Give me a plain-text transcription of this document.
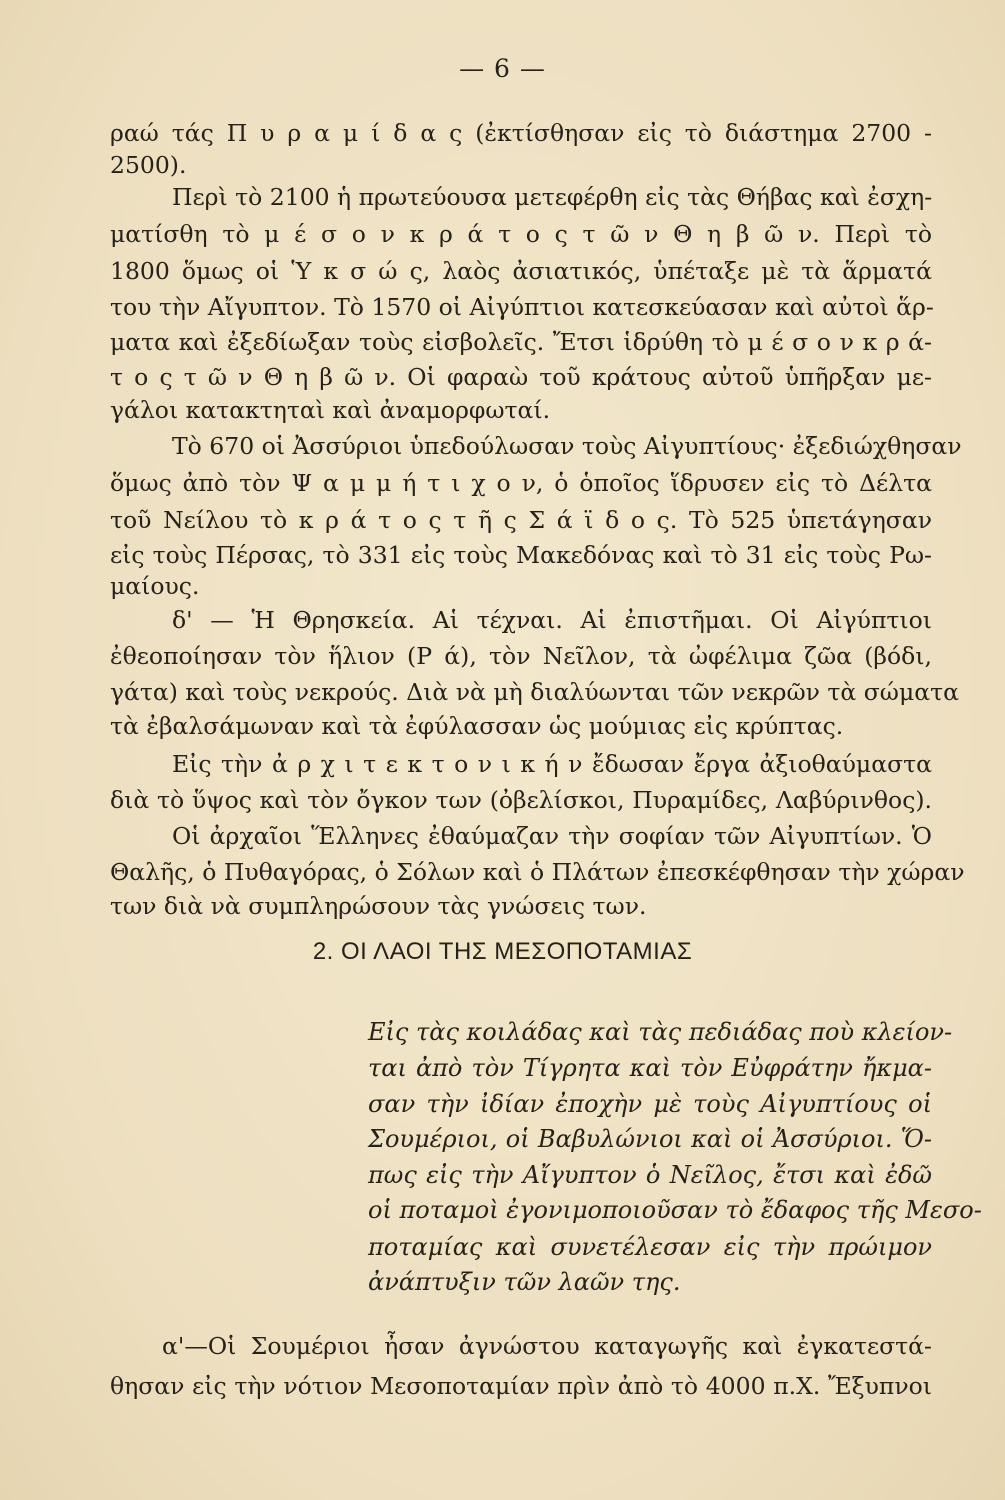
— 6 —
ραώ τάς Π υ ρ α μ ί δ α ς (ἐκτίσθησαν εἰς τὸ διάστημα 2700 -
2500).
Περὶ τὸ 2100 ἡ πρωτεύουσα μετεφέρθη εἰς τὰς Θήβας καὶ ἐσχη-
ματίσθη τὸ μ έ σ ο ν κ ρ ά τ ο ς τ ῶ ν Θ η β ῶ ν. Περὶ τὸ
1800 ὅμως οἱ Ὑ κ σ ώ ς, λαὸς ἀσιατικός, ὑπέταξε μὲ τὰ ἅρματά
του τὴν Αἴγυπτον. Τὸ 1570 οἱ Αἰγύπτιοι κατεσκεύασαν καὶ αὐτοὶ ἅρ-
ματα καὶ ἐξεδίωξαν τοὺς εἰσβολεῖς. Ἔτσι ἱδρύθη τὸ μ έ σ ο ν κ ρ ά-
τ ο ς τ ῶ ν Θ η β ῶ ν. Οἱ φαραὼ τοῦ κράτους αὐτοῦ ὑπῆρξαν με-
γάλοι κατακτηταὶ καὶ ἀναμορφωταί.
Τὸ 670 οἱ Ἀσσύριοι ὑπεδούλωσαν τοὺς Αἰγυπτίους· ἐξεδιώχθησαν
ὅμως ἀπὸ τὸν Ψ α μ μ ή τ ι χ ο ν, ὁ ὁποῖος ἵδρυσεν εἰς τὸ Δέλτα
τοῦ Νείλου τὸ κ ρ ά τ ο ς τ ῆ ς Σ ά ϊ δ ο ς. Τὸ 525 ὑπετάγησαν
εἰς τοὺς Πέρσας, τὸ 331 εἰς τοὺς Μακεδόνας καὶ τὸ 31 εἰς τοὺς Ρω-
μαίους.
δ' — Ἡ Θρησκεία. Αἱ τέχναι. Αἱ ἐπιστῆμαι. Οἱ Αἰγύπτιοι
ἐθεοποίησαν τὸν ἥλιον (Ρ ά), τὸν Νεῖλον, τὰ ὠφέλιμα ζῶα (βόδι,
γάτα) καὶ τοὺς νεκρούς. Διὰ νὰ μὴ διαλύωνται τῶν νεκρῶν τὰ σώματα
τὰ ἐβαλσάμωναν καὶ τὰ ἐφύλασσαν ὡς μούμιας εἰς κρύπτας.
Εἰς τὴν ἀ ρ χ ι τ ε κ τ ο ν ι κ ή ν ἔδωσαν ἔργα ἀξιοθαύμαστα
διὰ τὸ ὕψος καὶ τὸν ὄγκον των (ὀβελίσκοι, Πυραμίδες, Λαβύρινθος).
Οἱ ἀρχαῖοι Ἕλληνες ἐθαύμαζαν τὴν σοφίαν τῶν Αἰγυπτίων. Ὁ
Θαλῆς, ὁ Πυθαγόρας, ὁ Σόλων καὶ ὁ Πλάτων ἐπεσκέφθησαν τὴν χώραν
των διὰ νὰ συμπληρώσουν τὰς γνώσεις των.
2. ΟΙ ΛΑΟΙ ΤΗΣ ΜΕΣΟΠΟΤΑΜΙΑΣ
Εἰς τὰς κοιλάδας καὶ τὰς πεδιάδας ποὺ κλείον-
ται ἀπὸ τὸν Τίγρητα καὶ τὸν Εὐφράτην ἤκμα-
σαν τὴν ἰδίαν ἐποχὴν μὲ τοὺς Αἰγυπτίους οἱ
Σουμέριοι, οἱ Βαβυλώνιοι καὶ οἱ Ἀσσύριοι. Ὅ-
πως εἰς τὴν Αἴγυπτον ὁ Νεῖλος, ἔτσι καὶ ἐδῶ
οἱ ποταμοὶ ἐγονιμοποιοῦσαν τὸ ἔδαφος τῆς Μεσο-
ποταμίας καὶ συνετέλεσαν εἰς τὴν πρώιμον
ἀνάπτυξιν τῶν λαῶν της.
α'—Οἱ Σουμέριοι ἦσαν ἀγνώστου καταγωγῆς καὶ ἐγκατεστά-
θησαν εἰς τὴν νότιον Μεσοποταμίαν πρὶν ἀπὸ τὸ 4000 π.Χ. Ἔξυπνοι
